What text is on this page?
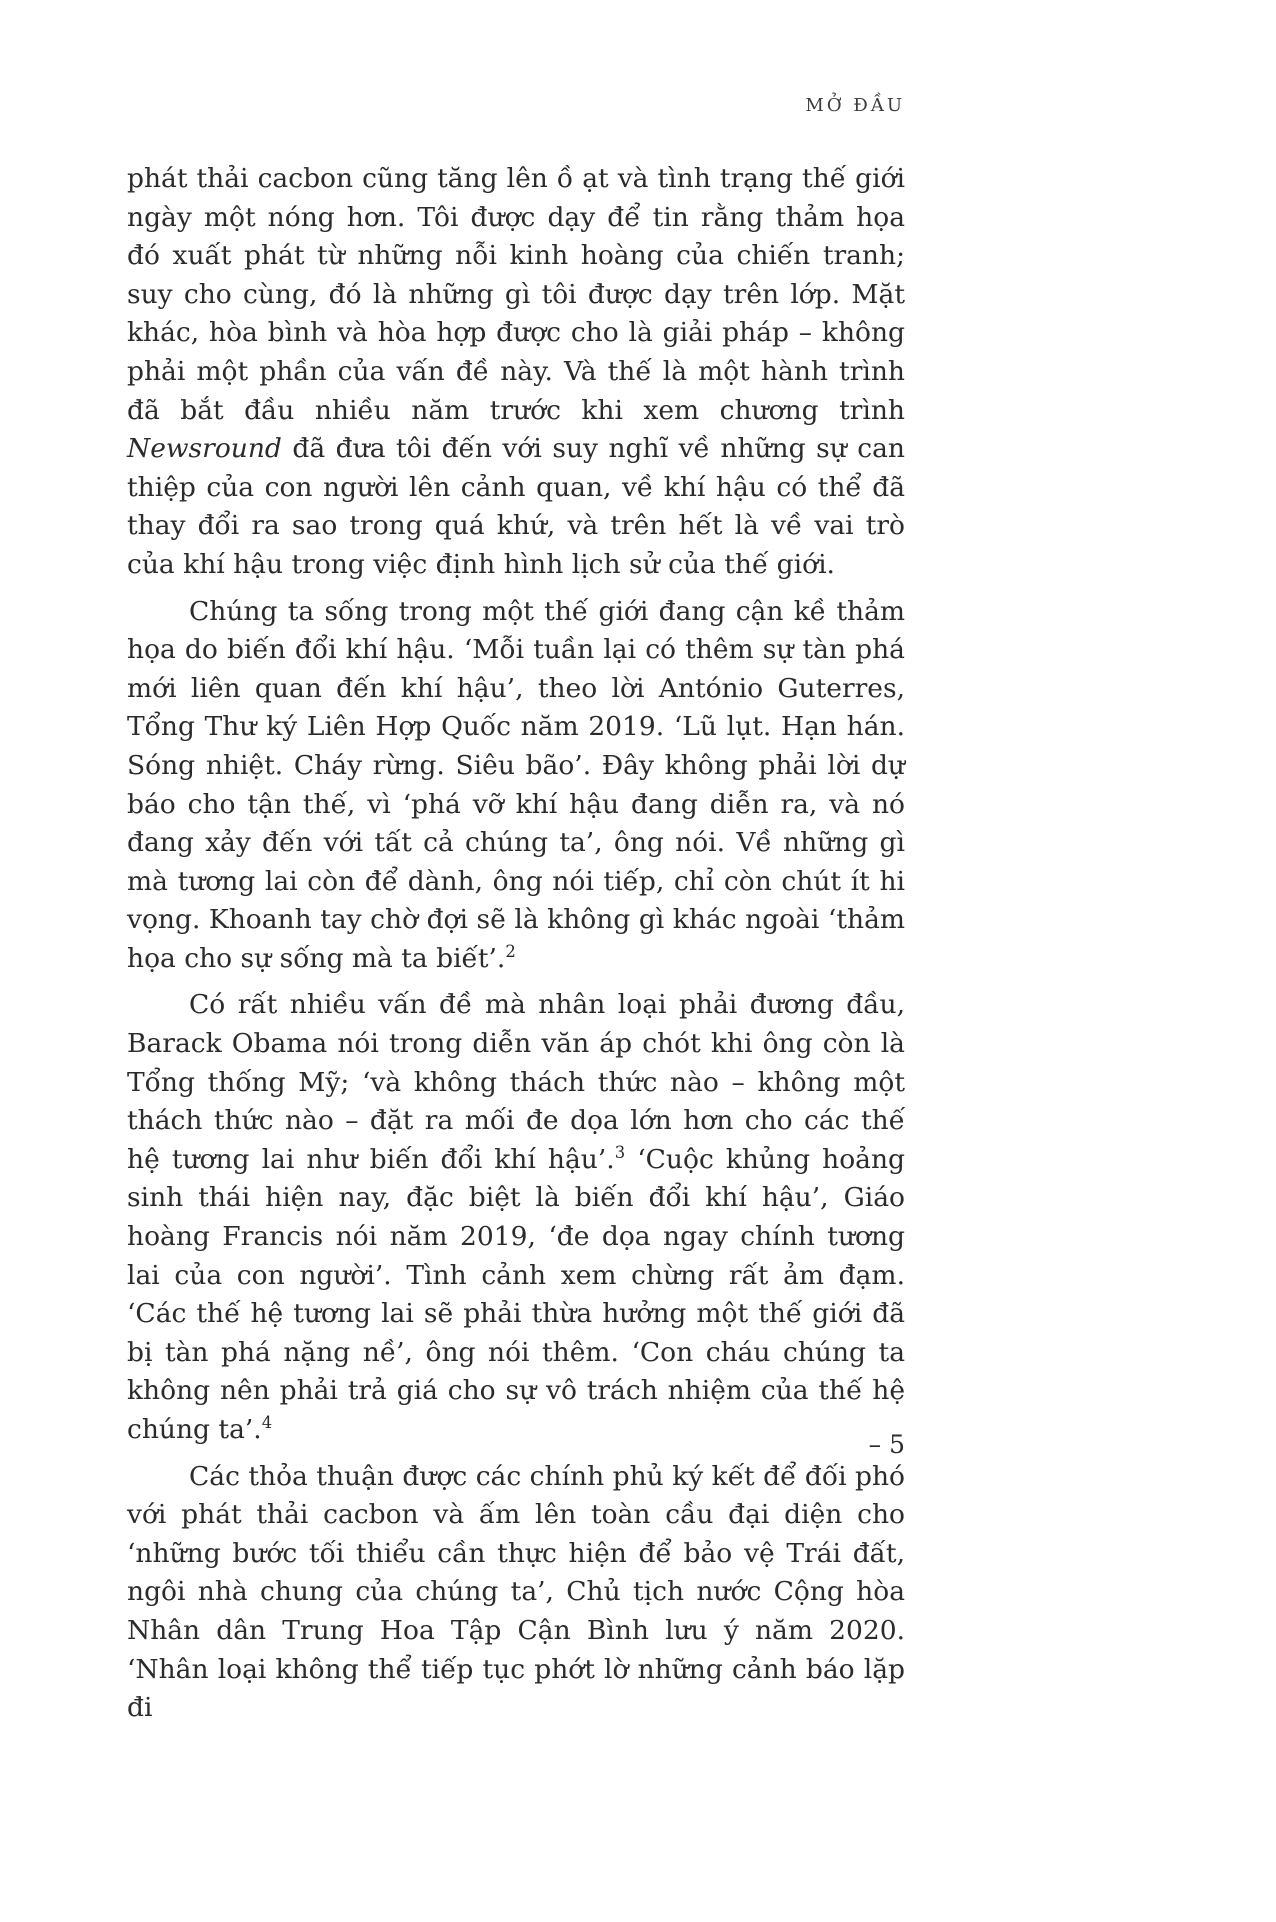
MỞ ĐẦU

phát thải cacbon cũng tăng lên ồ ạt và tình trạng thế giới ngày một nóng hơn. Tôi được dạy để tin rằng thảm họa đó xuất phát từ những nỗi kinh hoàng của chiến tranh; suy cho cùng, đó là những gì tôi được dạy trên lớp. Mặt khác, hòa bình và hòa hợp được cho là giải pháp – không phải một phần của vấn đề này. Và thế là một hành trình đã bắt đầu nhiều năm trước khi xem chương trình Newsround đã đưa tôi đến với suy nghĩ về những sự can thiệp của con người lên cảnh quan, về khí hậu có thể đã thay đổi ra sao trong quá khứ, và trên hết là về vai trò của khí hậu trong việc định hình lịch sử của thế giới.

Chúng ta sống trong một thế giới đang cận kề thảm họa do biến đổi khí hậu. ‘Mỗi tuần lại có thêm sự tàn phá mới liên quan đến khí hậu’, theo lời António Guterres, Tổng Thư ký Liên Hợp Quốc năm 2019. ‘Lũ lụt. Hạn hán. Sóng nhiệt. Cháy rừng. Siêu bão’. Đây không phải lời dự báo cho tận thế, vì ‘phá vỡ khí hậu đang diễn ra, và nó đang xảy đến với tất cả chúng ta’, ông nói. Về những gì mà tương lai còn để dành, ông nói tiếp, chỉ còn chút ít hi vọng. Khoanh tay chờ đợi sẽ là không gì khác ngoài ‘thảm họa cho sự sống mà ta biết’.$^2$

Có rất nhiều vấn đề mà nhân loại phải đương đầu, Barack Obama nói trong diễn văn áp chót khi ông còn là Tổng thống Mỹ; ‘và không thách thức nào – không một thách thức nào – đặt ra mối đe dọa lớn hơn cho các thế hệ tương lai như biến đổi khí hậu’.$^3$ ‘Cuộc khủng hoảng sinh thái hiện nay, đặc biệt là biến đổi khí hậu’, Giáo hoàng Francis nói năm 2019, ‘đe dọa ngay chính tương lai của con người’. Tình cảnh xem chừng rất ảm đạm. ‘Các thế hệ tương lai sẽ phải thừa hưởng một thế giới đã bị tàn phá nặng nề’, ông nói thêm. ‘Con cháu chúng ta không nên phải trả giá cho sự vô trách nhiệm của thế hệ chúng ta’.$^4$

Các thỏa thuận được các chính phủ ký kết để đối phó với phát thải cacbon và ấm lên toàn cầu đại diện cho ‘những bước tối thiểu cần thực hiện để bảo vệ Trái đất, ngôi nhà chung của chúng ta’, Chủ tịch nước Cộng hòa Nhân dân Trung Hoa Tập Cận Bình lưu ý năm 2020. ‘Nhân loại không thể tiếp tục phớt lờ những cảnh báo lặp đi

– 5
